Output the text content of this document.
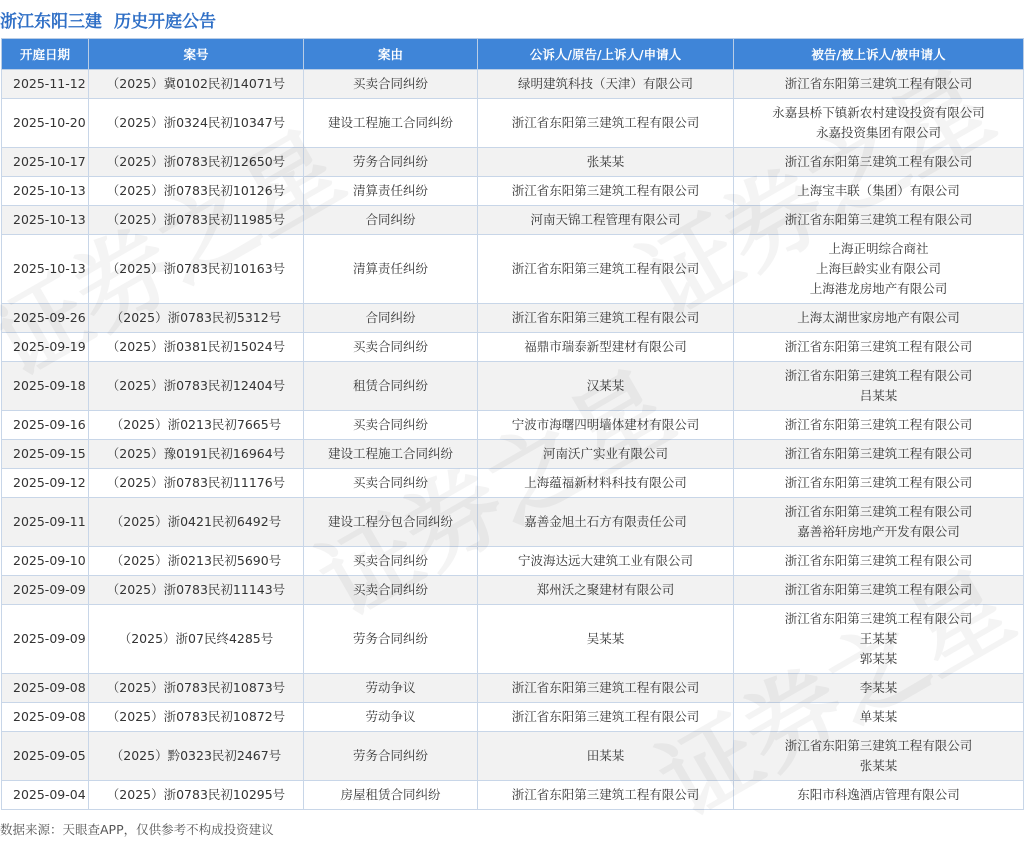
浙江东阳三建 历史开庭公告
开庭日期	案号	案由	公诉人/原告/上诉人/申请人	被告/被上诉人/被申请人
2025-11-12	（2025）冀0102民初14071号	买卖合同纠纷	绿明建筑科技（天津）有限公司	浙江省东阳第三建筑工程有限公司

2025-10-20	（2025）浙0324民初10347号	建设工程施工合同纠纷	浙江省东阳第三建筑工程有限公司	永嘉县桥下镇新农村建设投资有限公司
永嘉投资集团有限公司

2025-10-17	（2025）浙0783民初12650号	劳务合同纠纷	张某某	浙江省东阳第三建筑工程有限公司

2025-10-13	（2025）浙0783民初10126号	清算责任纠纷	浙江省东阳第三建筑工程有限公司	上海宝丰联（集团）有限公司

2025-10-13	（2025）浙0783民初11985号	合同纠纷	河南天锦工程管理有限公司	浙江省东阳第三建筑工程有限公司

2025-10-13	（2025）浙0783民初10163号	清算责任纠纷	浙江省东阳第三建筑工程有限公司	上海正明综合商社
上海巨龄实业有限公司
上海港龙房地产有限公司

2025-09-26	（2025）浙0783民初5312号	合同纠纷	浙江省东阳第三建筑工程有限公司	上海太湖世家房地产有限公司

2025-09-19	（2025）浙0381民初15024号	买卖合同纠纷	福鼎市瑞泰新型建材有限公司	浙江省东阳第三建筑工程有限公司

2025-09-18	（2025）浙0783民初12404号	租赁合同纠纷	汉某某	浙江省东阳第三建筑工程有限公司
吕某某

2025-09-16	（2025）浙0213民初7665号	买卖合同纠纷	宁波市海曙四明墙体建材有限公司	浙江省东阳第三建筑工程有限公司

2025-09-15	（2025）豫0191民初16964号	建设工程施工合同纠纷	河南沃广实业有限公司	浙江省东阳第三建筑工程有限公司

2025-09-12	（2025）浙0783民初11176号	买卖合同纠纷	上海蕴福新材料科技有限公司	浙江省东阳第三建筑工程有限公司

2025-09-11	（2025）浙0421民初6492号	建设工程分包合同纠纷	嘉善金旭土石方有限责任公司	浙江省东阳第三建筑工程有限公司
嘉善裕轩房地产开发有限公司

2025-09-10	（2025）浙0213民初5690号	买卖合同纠纷	宁波海达远大建筑工业有限公司	浙江省东阳第三建筑工程有限公司

2025-09-09	（2025）浙0783民初11143号	买卖合同纠纷	郑州沃之聚建材有限公司	浙江省东阳第三建筑工程有限公司

2025-09-09	（2025）浙07民终4285号	劳务合同纠纷	吴某某	浙江省东阳第三建筑工程有限公司
王某某
郭某某

2025-09-08	（2025）浙0783民初10873号	劳动争议	浙江省东阳第三建筑工程有限公司	李某某

2025-09-08	（2025）浙0783民初10872号	劳动争议	浙江省东阳第三建筑工程有限公司	单某某

2025-09-05	（2025）黔0323民初2467号	劳务合同纠纷	田某某	浙江省东阳第三建筑工程有限公司
张某某

2025-09-04	（2025）浙0783民初10295号	房屋租赁合同纠纷	浙江省东阳第三建筑工程有限公司	东阳市科逸酒店管理有限公司
数据来源：天眼查APP，仅供参考不构成投资建议
